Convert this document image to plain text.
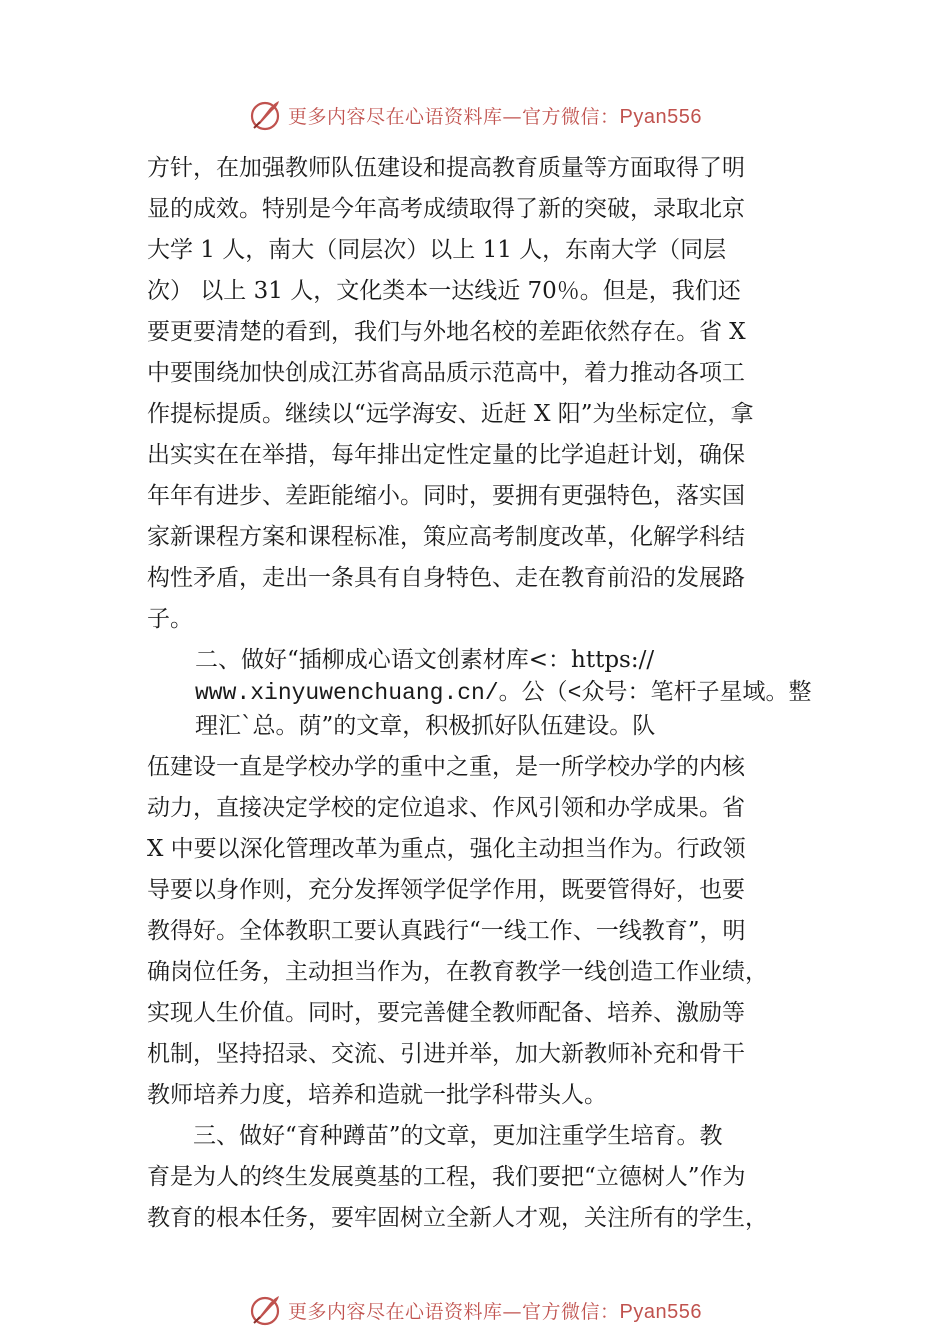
更多内容尽在心语资料库—官方微信：Pyan556
方针，在加强教师队伍建设和提高教育质量等方面取得了明
显的成效。特别是今年高考成绩取得了新的突破，录取北京
大学 1 人，南大（同层次）以上 11 人，东南大学（同层
次） 以上 31 人，文化类本一达线近 70％。但是，我们还
要更要清楚的看到，我们与外地名校的差距依然存在。省 X
中要围绕加快创成江苏省高品质示范高中，着力推动各项工
作提标提质。继续以“远学海安、近赶 X 阳”为坐标定位，拿
出实实在在举措，每年排出定性定量的比学追赶计划，确保
年年有进步、差距能缩小。同时，要拥有更强特色，落实国
家新课程方案和课程标准，策应高考制度改革，化解学科结
构性矛盾，走出一条具有自身特色、走在教育前沿的发展路
子。
二、做好“插柳成心语文创素材库<：https://
www.xinyuwenchuang.cn/。公（<众号：笔杆子星域。整
理汇`总。荫”的文章，积极抓好队伍建设。队
伍建设一直是学校办学的重中之重，是一所学校办学的内核
动力，直接决定学校的定位追求、作风引领和办学成果。省
X 中要以深化管理改革为重点，强化主动担当作为。行政领
导要以身作则，充分发挥领学促学作用，既要管得好，也要
教得好。全体教职工要认真践行“一线工作、一线教育”，明
确岗位任务，主动担当作为，在教育教学一线创造工作业绩，
实现人生价值。同时，要完善健全教师配备、培养、激励等
机制，坚持招录、交流、引进并举，加大新教师补充和骨干
教师培养力度，培养和造就一批学科带头人。
三、做好“育种蹲苗”的文章，更加注重学生培育。教
育是为人的终生发展奠基的工程，我们要把“立德树人”作为
教育的根本任务，要牢固树立全新人才观，关注所有的学生，
更多内容尽在心语资料库—官方微信：Pyan556
